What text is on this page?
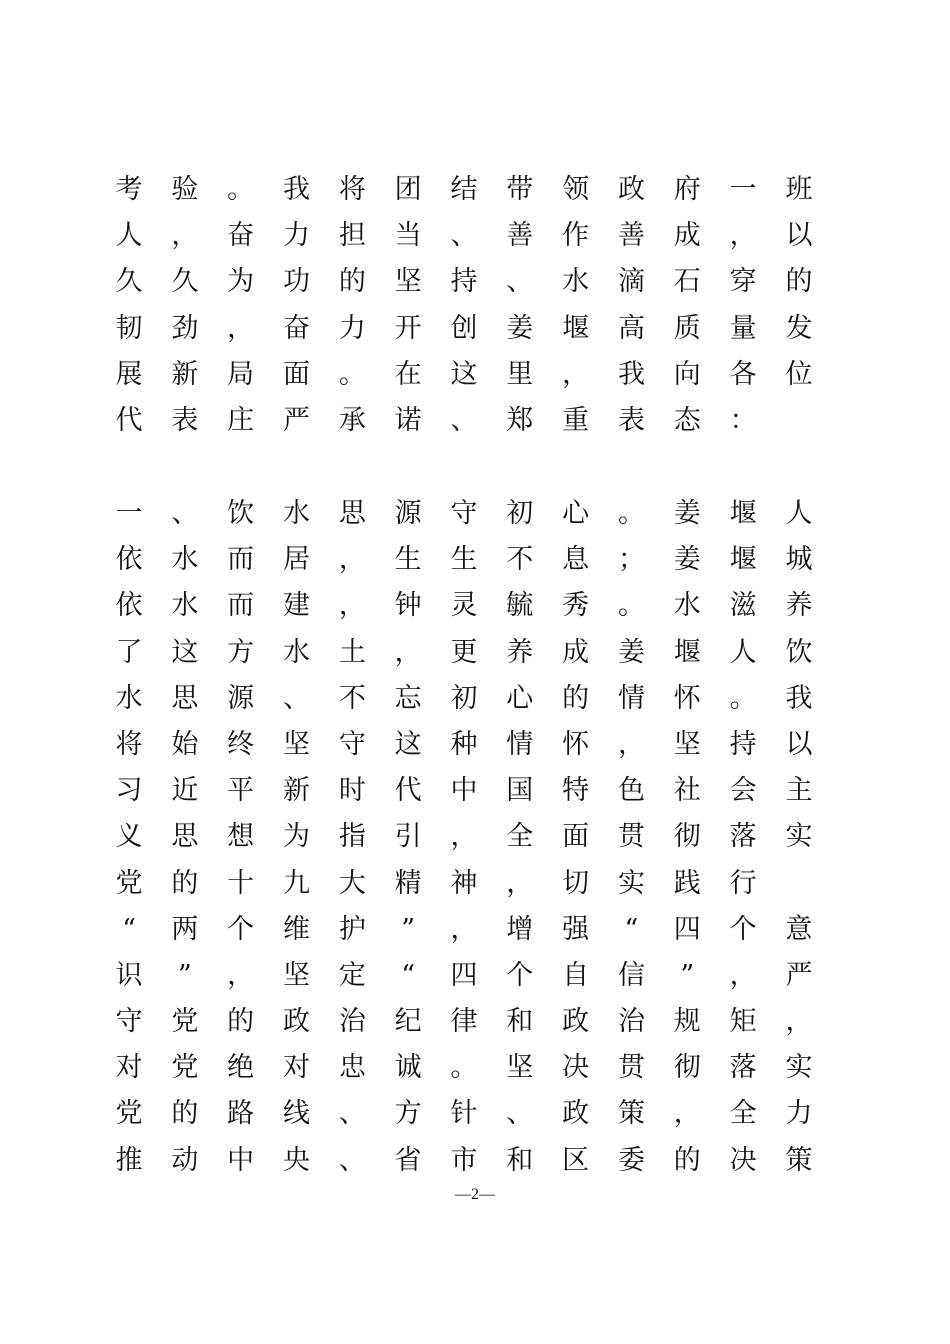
考 验 。 我 将 团 结 带 领 政 府 一 班
人 ， 奋 力 担 当 、 善 作 善 成 ， 以
久 久 为 功 的 坚 持 、 水 滴 石 穿 的
韧 劲 ， 奋 力 开 创 姜 堰 高 质 量 发
展 新 局 面 。 在 这 里 ， 我 向 各 位
代 表 庄 严 承 诺 、 郑 重 表 态 ：
一 、 饮 水 思 源 守 初 心 。 姜 堰 人
依 水 而 居 ， 生 生 不 息 ； 姜 堰 城
依 水 而 建 ， 钟 灵 毓 秀 。 水 滋 养
了 这 方 水 土 ， 更 养 成 姜 堰 人 饮
水 思 源 、 不 忘 初 心 的 情 怀 。 我
将 始 终 坚 守 这 种 情 怀 ， 坚 持 以
习 近 平 新 时 代 中 国 特 色 社 会 主
义 思 想 为 指 引 ， 全 面 贯 彻 落 实
党 的 十 九 大 精 神 ， 切 实 践 行
“	两 个 维 护	”	， 增 强	“	四 个 意
识	”	， 坚 定	“	四 个 自 信	”	， 严
守 党 的 政 治 纪 律 和 政 治 规 矩 ，
对 党 绝 对 忠 诚 。 坚 决 贯 彻 落 实
党 的 路 线 、 方 针 、 政 策 ， 全 力
推 动 中 央 、 省 市 和 区 委 的 决 策
—2—
